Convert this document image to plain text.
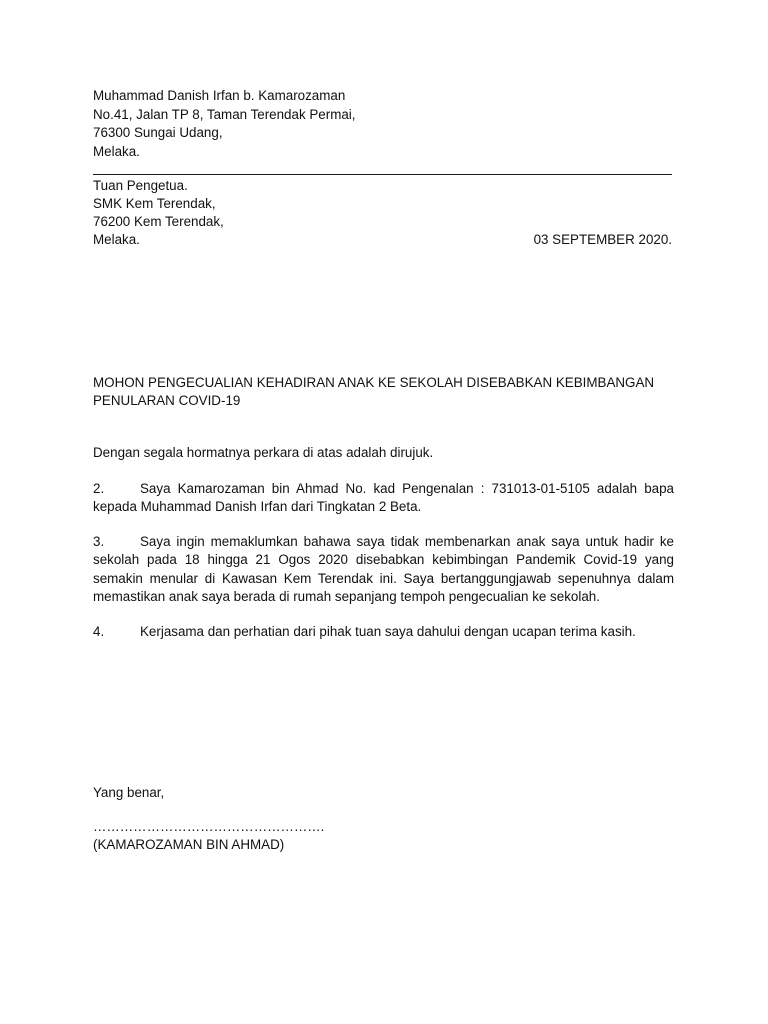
Muhammad Danish Irfan b. Kamarozaman
No.41, Jalan TP 8, Taman Terendak Permai,
76300 Sungai Udang,
Melaka.
Tuan Pengetua.
SMK Kem Terendak,
76200 Kem Terendak,
Melaka.	03 SEPTEMBER 2020.
MOHON PENGECUALIAN KEHADIRAN ANAK KE SEKOLAH DISEBABKAN KEBIMBANGAN
PENULARAN COVID-19
Dengan segala hormatnya perkara di atas adalah dirujuk.
2.	Saya Kamarozaman bin Ahmad No. kad Pengenalan : 731013-01-5105 adalah bapa
kepada Muhammad Danish Irfan dari Tingkatan 2 Beta.
3.	Saya ingin memaklumkan bahawa saya tidak membenarkan anak saya untuk hadir ke
sekolah pada 18 hingga 21 Ogos 2020 disebabkan kebimbingan Pandemik Covid-19 yang
semakin menular di Kawasan Kem Terendak ini. Saya bertanggungjawab sepenuhnya dalam
memastikan anak saya berada di rumah sepanjang tempoh pengecualian ke sekolah.
4.	Kerjasama dan perhatian dari pihak tuan saya dahului dengan ucapan terima kasih.
Yang benar,
…………………………………………….
(KAMAROZAMAN BIN AHMAD)
